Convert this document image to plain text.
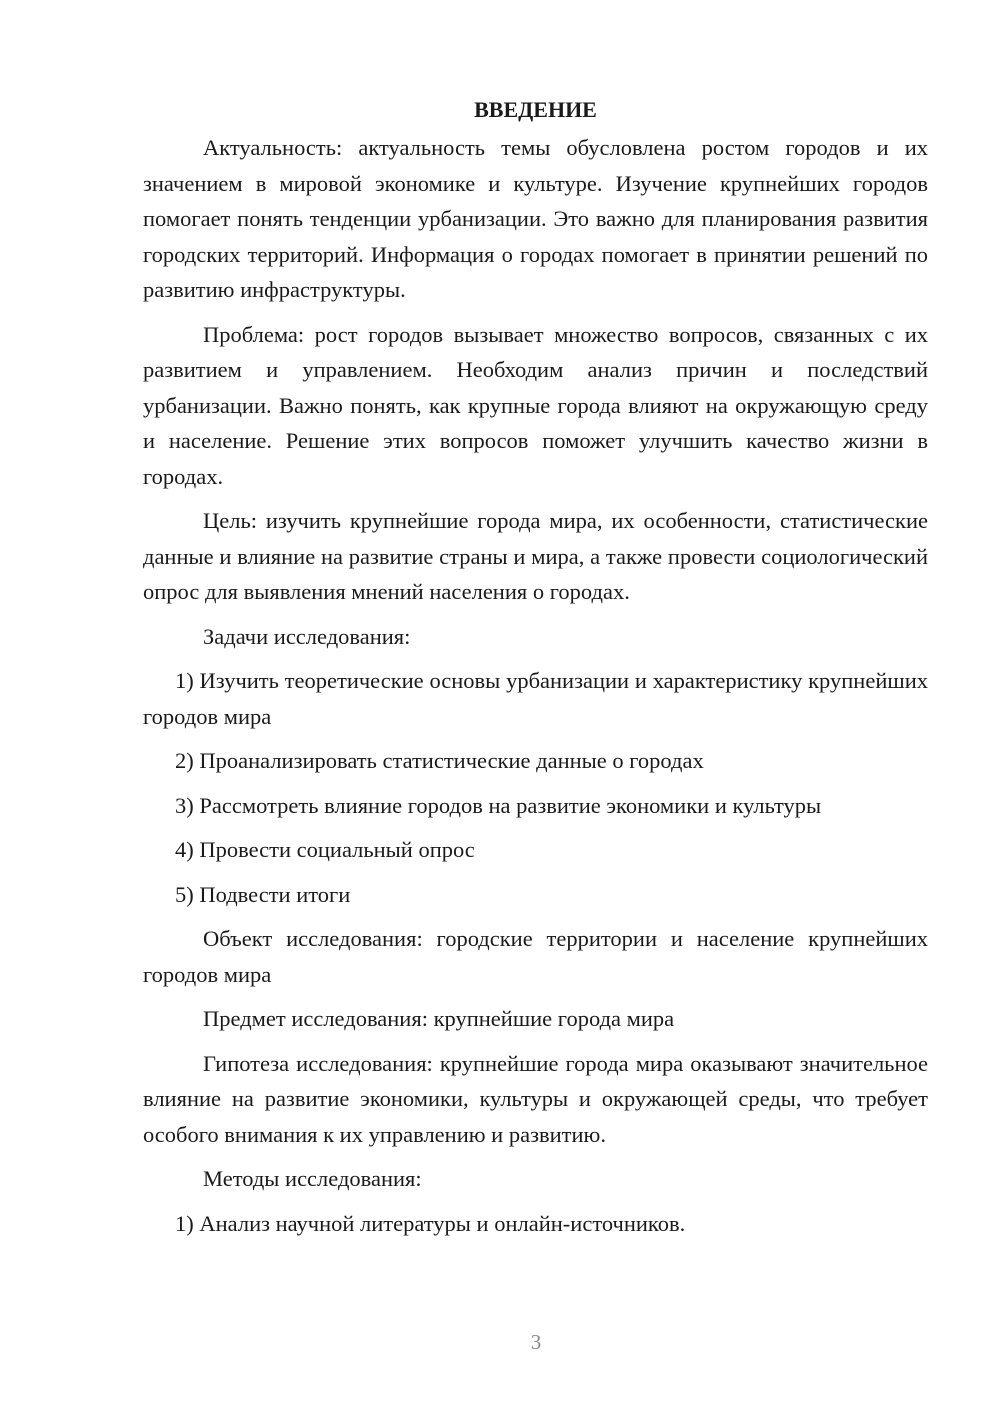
ВВЕДЕНИЕ

Актуальность: актуальность темы обусловлена ростом городов и их значением в мировой экономике и культуре. Изучение крупнейших городов помогает понять тенденции урбанизации. Это важно для планирования развития городских территорий. Информация о городах помогает в принятии решений по развитию инфраструктуры.

Проблема: рост городов вызывает множество вопросов, связанных с их развитием и управлением. Необходим анализ причин и последствий урбанизации. Важно понять, как крупные города влияют на окружающую среду и население. Решение этих вопросов поможет улучшить качество жизни в городах.

Цель: изучить крупнейшие города мира, их особенности, статистические данные и влияние на развитие страны и мира, а также провести социологический опрос для выявления мнений населения о городах.

Задачи исследования:

1) Изучить теоретические основы урбанизации и характеристику крупнейших городов мира

2) Проанализировать статистические данные о городах

3) Рассмотреть влияние городов на развитие экономики и культуры

4) Провести социальный опрос

5) Подвести итоги

Объект исследования: городские территории и население крупнейших городов мира

Предмет исследования: крупнейшие города мира

Гипотеза исследования: крупнейшие города мира оказывают значительное влияние на развитие экономики, культуры и окружающей среды, что требует особого внимания к их управлению и развитию.

Методы исследования:

1) Анализ научной литературы и онлайн-источников.

3
